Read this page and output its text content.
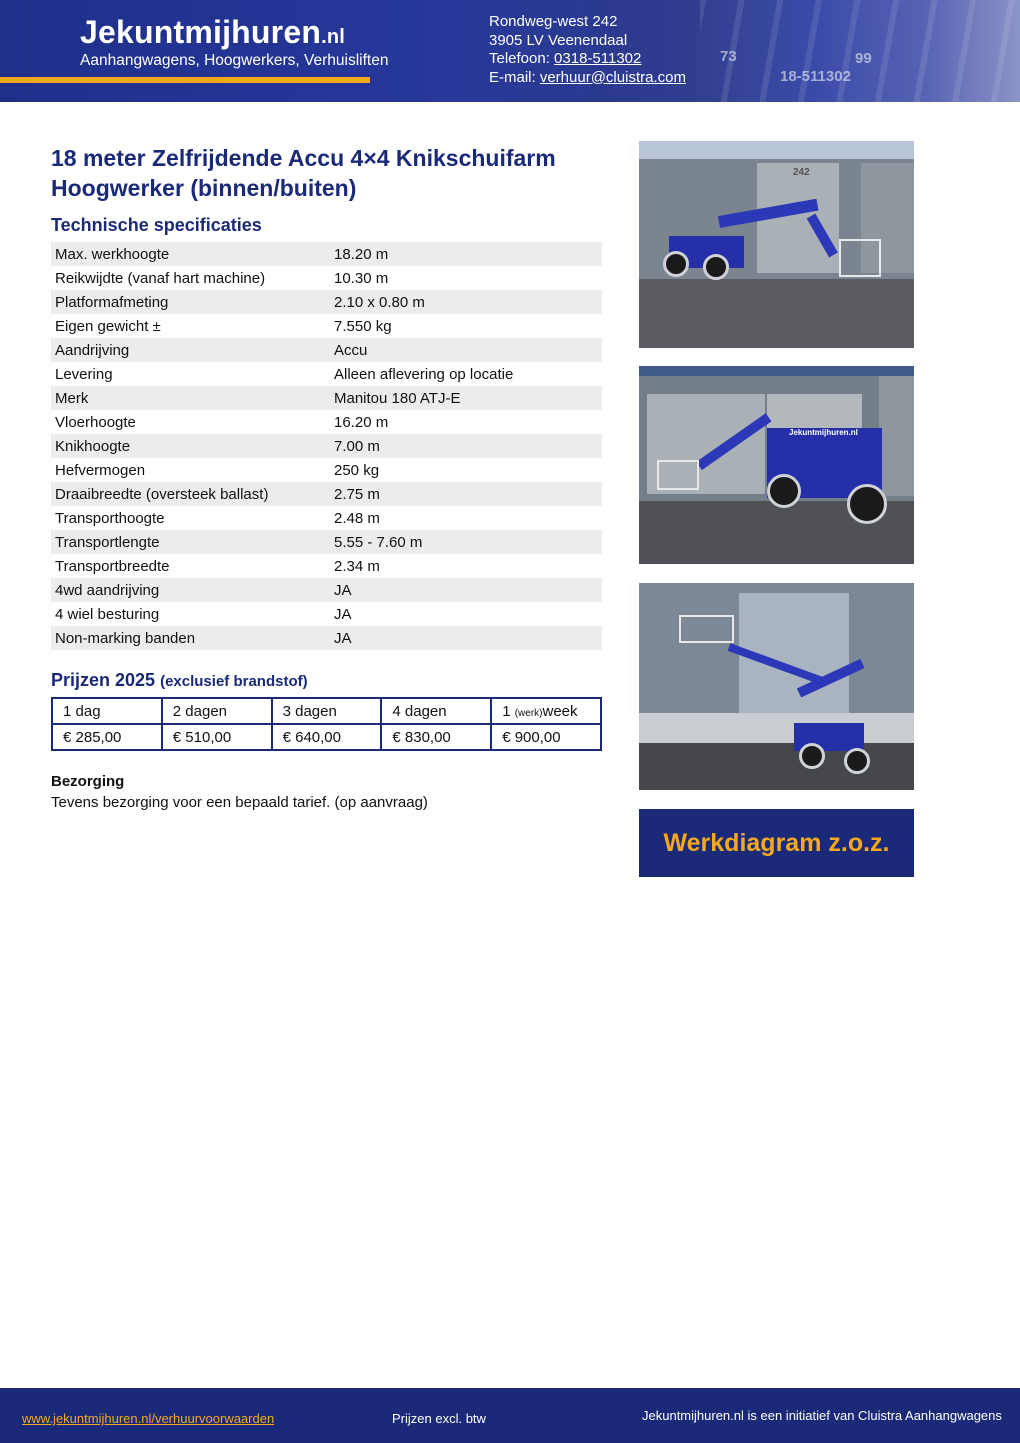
73	99
18-511302
Jekuntmijhuren.nl
Aanhangwagens, Hoogwerkers, Verhuisliften
Rondweg-west 242
3905 LV Veenendaal
Telefoon: 0318-511302
E-mail: verhuur@cluistra.com
18 meter Zelfrijdende Accu 4×4 Knikschuifarm Hoogwerker (binnen/buiten)
Technische specificaties
Max. werkhoogte	18.20 m
Reikwijdte (vanaf hart machine)	10.30 m
Platformafmeting	2.10 x 0.80 m
Eigen gewicht ±	7.550 kg
Aandrijving	Accu
Levering	Alleen aflevering op locatie
Merk	Manitou 180 ATJ-E
Vloerhoogte	16.20 m
Knikhoogte	7.00 m
Hefvermogen	250 kg
Draaibreedte (oversteek ballast)	2.75 m
Transporthoogte	2.48 m
Transportlengte	5.55 - 7.60 m
Transportbreedte	2.34 m
4wd aandrijving	JA
4 wiel besturing	JA
Non-marking banden	JA
Prijzen 2025 (exclusief brandstof)
1 dag	2 dagen	3 dagen	4 dagen	1 (werk)week
€ 285,00	€ 510,00	€ 640,00	€ 830,00	€ 900,00
Bezorging
Tevens bezorging voor een bepaald tarief. (op aanvraag)
242
Jekuntmijhuren.nl
Werkdiagram z.o.z.
www.jekuntmijhuren.nl/verhuurvoorwaarden	Prijzen excl. btw	Jekuntmijhuren.nl is een initiatief van Cluistra Aanhangwagens
